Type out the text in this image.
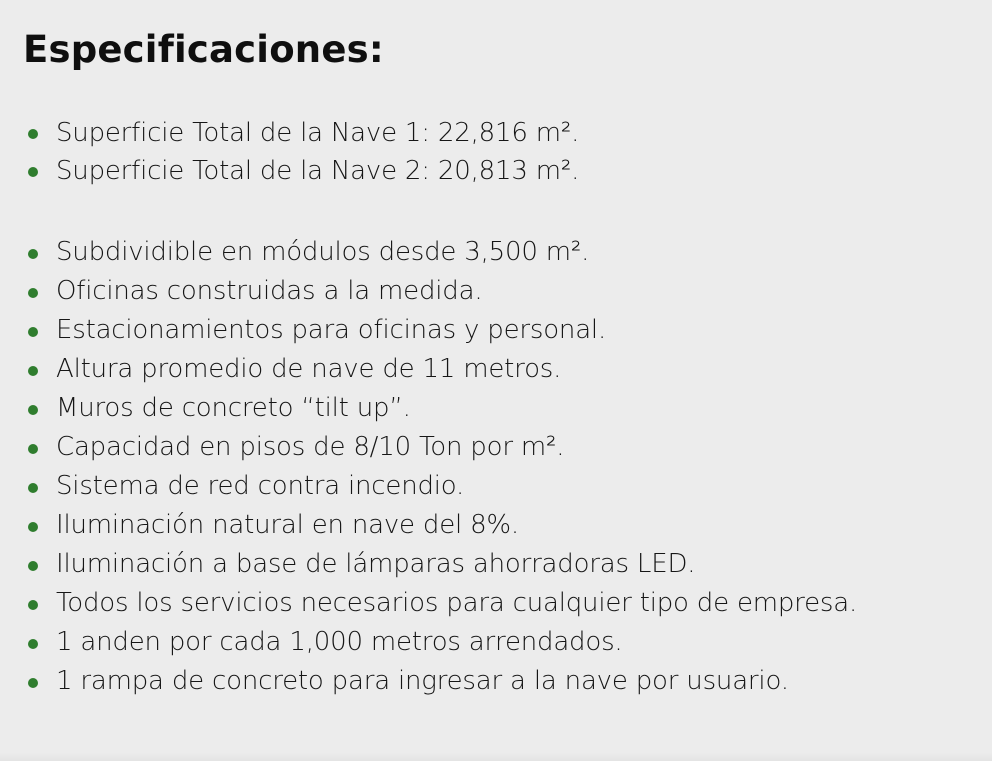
Especificaciones:
Superficie Total de la Nave 1: 22,816 m².
Superficie Total de la Nave 2: 20,813 m².
Subdividible en módulos desde 3,500 m².
Oficinas construidas a la medida.
Estacionamientos para oficinas y personal.
Altura promedio de nave de 11 metros.
Muros de concreto “tilt up”.
Capacidad en pisos de 8/10 Ton por m².
Sistema de red contra incendio.
Iluminación natural en nave del 8%.
Iluminación a base de lámparas ahorradoras LED.
Todos los servicios necesarios para cualquier tipo de empresa.
1 anden por cada 1,000 metros arrendados.
1 rampa de concreto para ingresar a la nave por usuario.
